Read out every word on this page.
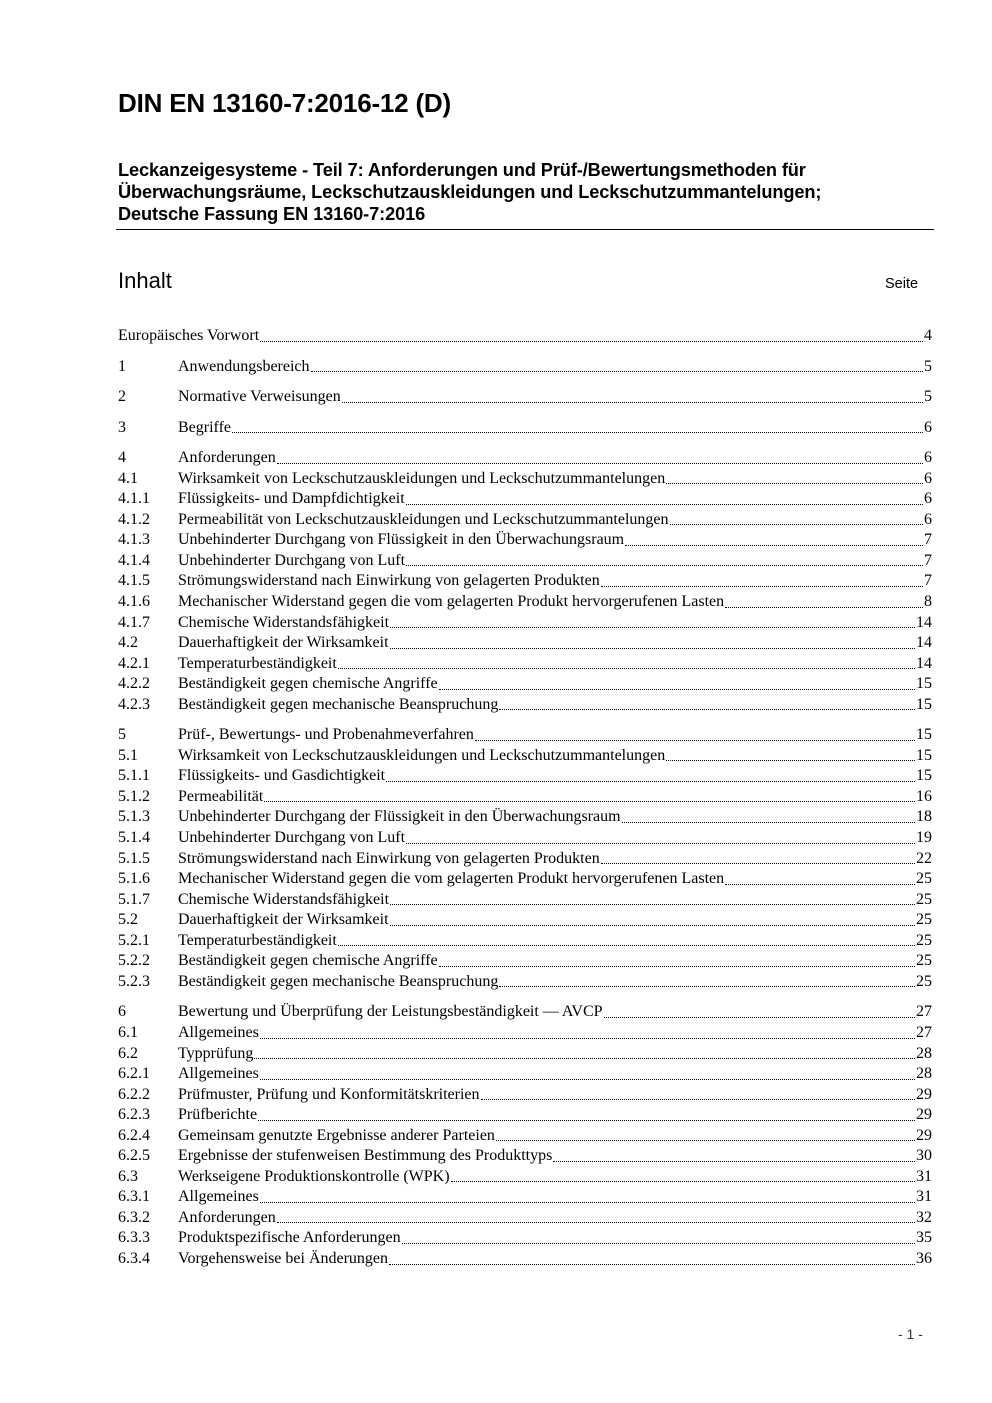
DIN EN 13160-7:2016-12 (D)
Leckanzeigesysteme - Teil 7: Anforderungen und Prüf-/Bewertungsmethoden für
Überwachungsräume, Leckschutzauskleidungen und Leckschutzummantelungen;
Deutsche Fassung EN 13160-7:2016
Inhalt	Seite
Europäisches Vorwort	4
1	Anwendungsbereich	5
2	Normative Verweisungen	5
3	Begriffe	6
4	Anforderungen	6
4.1	Wirksamkeit von Leckschutzauskleidungen und Leckschutzummantelungen	6
4.1.1	Flüssigkeits- und Dampfdichtigkeit	6
4.1.2	Permeabilität von Leckschutzauskleidungen und Leckschutzummantelungen	6
4.1.3	Unbehinderter Durchgang von Flüssigkeit in den Überwachungsraum	7
4.1.4	Unbehinderter Durchgang von Luft	7
4.1.5	Strömungswiderstand nach Einwirkung von gelagerten Produkten	7
4.1.6	Mechanischer Widerstand gegen die vom gelagerten Produkt hervorgerufenen Lasten	8
4.1.7	Chemische Widerstandsfähigkeit	14
4.2	Dauerhaftigkeit der Wirksamkeit	14
4.2.1	Temperaturbeständigkeit	14
4.2.2	Beständigkeit gegen chemische Angriffe	15
4.2.3	Beständigkeit gegen mechanische Beanspruchung	15
5	Prüf-, Bewertungs- und Probenahmeverfahren	15
5.1	Wirksamkeit von Leckschutzauskleidungen und Leckschutzummantelungen	15
5.1.1	Flüssigkeits- und Gasdichtigkeit	15
5.1.2	Permeabilität	16
5.1.3	Unbehinderter Durchgang der Flüssigkeit in den Überwachungsraum	18
5.1.4	Unbehinderter Durchgang von Luft	19
5.1.5	Strömungswiderstand nach Einwirkung von gelagerten Produkten	22
5.1.6	Mechanischer Widerstand gegen die vom gelagerten Produkt hervorgerufenen Lasten	25
5.1.7	Chemische Widerstandsfähigkeit	25
5.2	Dauerhaftigkeit der Wirksamkeit	25
5.2.1	Temperaturbeständigkeit	25
5.2.2	Beständigkeit gegen chemische Angriffe	25
5.2.3	Beständigkeit gegen mechanische Beanspruchung	25
6	Bewertung und Überprüfung der Leistungsbeständigkeit — AVCP	27
6.1	Allgemeines	27
6.2	Typprüfung	28
6.2.1	Allgemeines	28
6.2.2	Prüfmuster, Prüfung und Konformitätskriterien	29
6.2.3	Prüfberichte	29
6.2.4	Gemeinsam genutzte Ergebnisse anderer Parteien	29
6.2.5	Ergebnisse der stufenweisen Bestimmung des Produkttyps	30
6.3	Werkseigene Produktionskontrolle (WPK)	31
6.3.1	Allgemeines	31
6.3.2	Anforderungen	32
6.3.3	Produktspezifische Anforderungen	35
6.3.4	Vorgehensweise bei Änderungen	36
- 1 -
